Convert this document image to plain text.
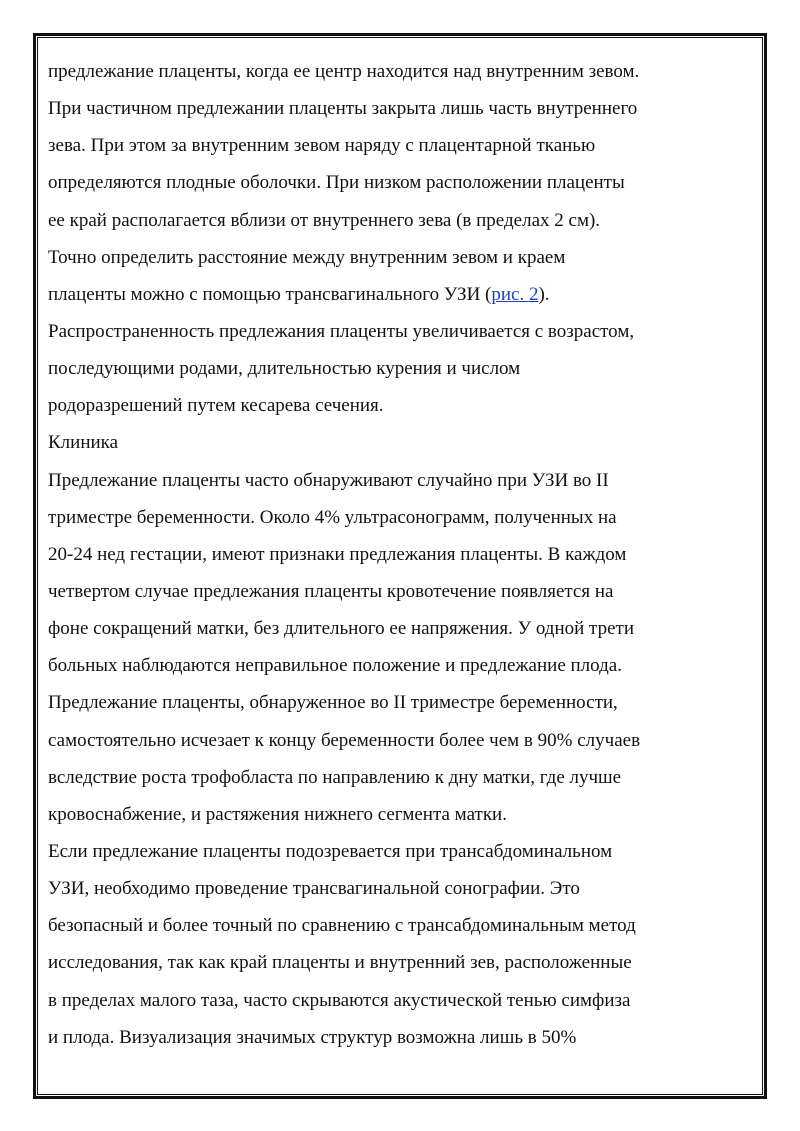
предлежание плаценты, когда ее центр находится над внутренним зевом.
При частичном предлежании плаценты закрыта лишь часть внутреннего
зева. При этом за внутренним зевом наряду с плацентарной тканью
определяются плодные оболочки. При низком расположении плаценты
ее край располагается вблизи от внутреннего зева (в пределах 2 см).
Точно определить расстояние между внутренним зевом и краем
плаценты можно с помощью трансвагинального УЗИ (рис. 2).
Распространенность предлежания плаценты увеличивается с возрастом,
последующими родами, длительностью курения и числом
родоразрешений путем кесарева сечения.
Клиника
Предлежание плаценты часто обнаруживают случайно при УЗИ во II
триместре беременности. Около 4% ультрасонограмм, полученных на
20-24 нед гестации, имеют признаки предлежания плаценты. В каждом
четвертом случае предлежания плаценты кровотечение появляется на
фоне сокращений матки, без длительного ее напряжения. У одной трети
больных наблюдаются неправильное положение и предлежание плода.
Предлежание плаценты, обнаруженное во II триместре беременности,
самостоятельно исчезает к концу беременности более чем в 90% случаев
вследствие роста трофобласта по направлению к дну матки, где лучше
кровоснабжение, и растяжения нижнего сегмента матки.
Если предлежание плаценты подозревается при трансабдоминальном
УЗИ, необходимо проведение трансвагинальной сонографии. Это
безопасный и более точный по сравнению с трансабдоминальным метод
исследования, так как край плаценты и внутренний зев, расположенные
в пределах малого таза, часто скрываются акустической тенью симфиза
и плода. Визуализация значимых структур возможна лишь в 50%
